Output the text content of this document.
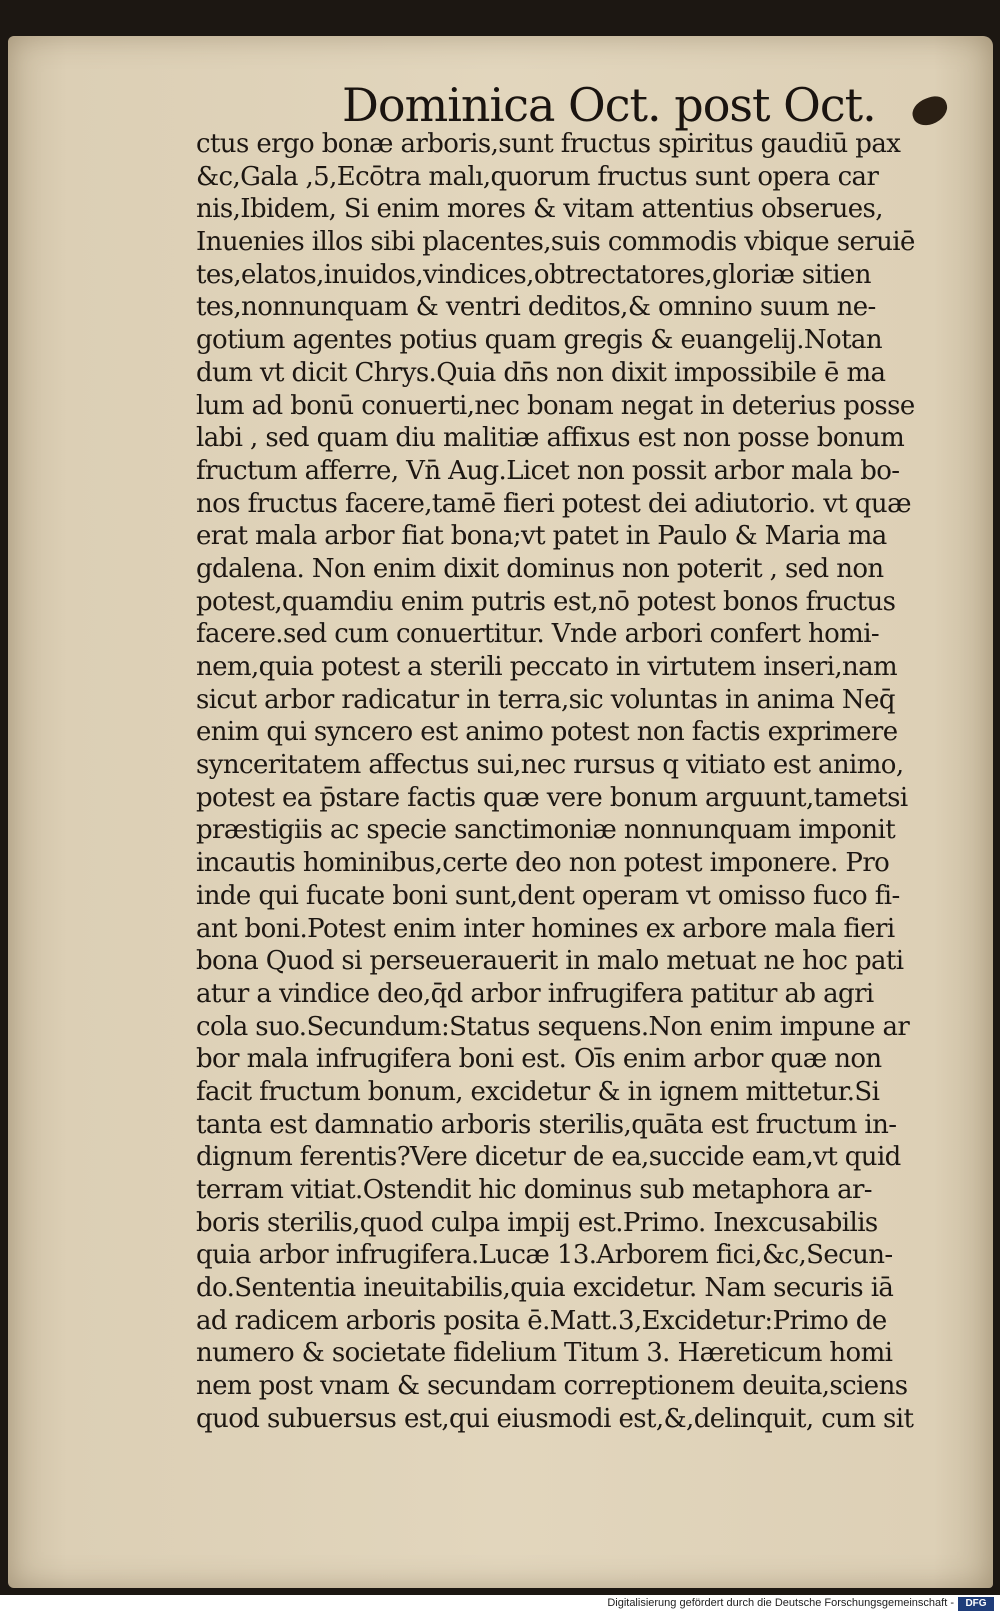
Dominica Oct. post Oct.
ctus ergo bonæ arboris,sunt fructus spiritus gaudiū pax
&c,Gala ,5,Ecōtra malı,quorum fructus sunt opera car
nis,Ibidem, Si enim mores & vitam attentius obserues,
Inuenies illos sibi placentes,suis commodis vbique seruiē
tes,elatos,inuidos,vindices,obtrectatores,gloriæ sitien
tes,nonnunquam & ventri deditos,& omnino suum ne-
gotium agentes potius quam gregis & euangelij.Notan
dum vt dicit Chrys.Quia dn̄s non dixit impossibile ē ma
lum ad bonū conuerti,nec bonam negat in deterius posse
labi , sed quam diu malitiæ affixus est non posse bonum
fructum afferre, Vn̄ Aug.Licet non possit arbor mala bo-
nos fructus facere,tamē fieri potest dei adiutorio. vt quæ
erat mala arbor fiat bona;vt patet in Paulo & Maria ma
gdalena. Non enim dixit dominus non poterit , sed non
potest,quamdiu enim putris est,nō potest bonos fructus
facere.sed cum conuertitur. Vnde arbori confert homi-
nem,quia potest a sterili peccato in virtutem inseri,nam
sicut arbor radicatur in terra,sic voluntas in anima Neq̄
enim qui syncero est animo potest non factis exprimere
synceritatem affectus sui,nec rursus q vitiato est animo,
potest ea p̄stare factis quæ vere bonum arguunt,tametsi
præstigiis ac specie sanctimoniæ nonnunquam imponit
incautis hominibus,certe deo non potest imponere. Pro
inde qui fucate boni sunt,dent operam vt omisso fuco fi-
ant boni.Potest enim inter homines ex arbore mala fieri
bona Quod si perseuerauerit in malo metuat ne hoc pati
atur a vindice deo,q̄d arbor infrugifera patitur ab agri
cola suo.Secundum:Status sequens.Non enim impune ar
bor mala infrugifera boni est. Oīs enim arbor quæ non
facit fructum bonum, excidetur & in ignem mittetur.Si
tanta est damnatio arboris sterilis,quāta est fructum in-
dignum ferentis?Vere dicetur de ea,succide eam,vt quid
terram vitiat.Ostendit hic dominus sub metaphora ar-
boris sterilis,quod culpa impij est.Primo. Inexcusabilis
quia arbor infrugifera.Lucæ 13.Arborem fici,&c,Secun-
do.Sententia ineuitabilis,quia excidetur. Nam securis iā
ad radicem arboris posita ē.Matt.3,Excidetur:Primo de
numero & societate fidelium Titum 3. Hæreticum homi
nem post vnam & secundam correptionem deuita,sciens
quod subuersus est,qui eiusmodi est,&,delinquit, cum sit
Digitalisierung gefördert durch die Deutsche Forschungsgemeinschaft -	DFG
